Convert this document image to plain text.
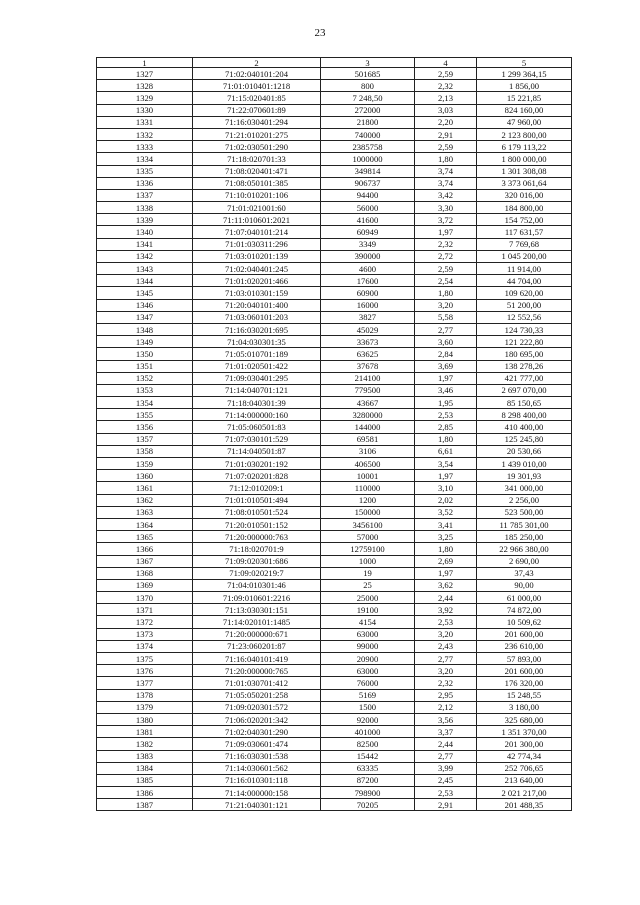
23
1	2	3	4	5
1327	71:02:040101:204	501685	2,59	1 299 364,15
1328	71:01:010401:1218	800	2,32	1 856,00
1329	71:15:020401:85	7 248,50	2,13	15 221,85
1330	71:22:070601:89	272000	3,03	824 160,00
1331	71:16:030401:294	21800	2,20	47 960,00
1332	71:21:010201:275	740000	2,91	2 123 800,00
1333	71:02:030501:290	2385758	2,59	6 179 113,22
1334	71:18:020701:33	1000000	1,80	1 800 000,00
1335	71:08:020401:471	349814	3,74	1 301 308,08
1336	71:08:050101:385	906737	3,74	3 373 061,64
1337	71:10:010201:106	94400	3,42	320 016,00
1338	71:01:021001:60	56000	3,30	184 800,00
1339	71:11:010601:2021	41600	3,72	154 752,00
1340	71:07:040101:214	60949	1,97	117 631,57
1341	71:01:030311:296	3349	2,32	7 769,68
1342	71:03:010201:139	390000	2,72	1 045 200,00
1343	71:02:040401:245	4600	2,59	11 914,00
1344	71:01:020201:466	17600	2,54	44 704,00
1345	71:03:010301:159	60900	1,80	109 620,00
1346	71:20:040101:400	16000	3,20	51 200,00
1347	71:03:060101:203	3827	5,58	12 552,56
1348	71:16:030201:695	45029	2,77	124 730,33
1349	71:04:030301:35	33673	3,60	121 222,80
1350	71:05:010701:189	63625	2,84	180 695,00
1351	71:01:020501:422	37678	3,69	138 278,26
1352	71:09:030401:295	214100	1,97	421 777,00
1353	71:14:040701:121	779500	3,46	2 697 070,00
1354	71:18:040301:39	43667	1,95	85 150,65
1355	71:14:000000:160	3280000	2,53	8 298 400,00
1356	71:05:060501:83	144000	2,85	410 400,00
1357	71:07:030101:529	69581	1,80	125 245,80
1358	71:14:040501:87	3106	6,61	20 530,66
1359	71:01:030201:192	406500	3,54	1 439 010,00
1360	71:07:020201:828	10001	1,97	19 301,93
1361	71:12:010209:1	110000	3,10	341 000,00
1362	71:01:010501:494	1200	2,02	2 256,00
1363	71:08:010501:524	150000	3,52	523 500,00
1364	71:20:010501:152	3456100	3,41	11 785 301,00
1365	71:20:000000:763	57000	3,25	185 250,00
1366	71:18:020701:9	12759100	1,80	22 966 380,00
1367	71:09:020301:686	1000	2,69	2 690,00
1368	71:09:020219:7	19	1,97	37,43
1369	71:04:010301:46	25	3,62	90,00
1370	71:09:010601:2216	25000	2,44	61 000,00
1371	71:13:030301:151	19100	3,92	74 872,00
1372	71:14:020101:1485	4154	2,53	10 509,62
1373	71:20:000000:671	63000	3,20	201 600,00
1374	71:23:060201:87	99000	2,43	236 610,00
1375	71:16:040101:419	20900	2,77	57 893,00
1376	71:20:000000:765	63000	3,20	201 600,00
1377	71:01:030701:412	76000	2,32	176 320,00
1378	71:05:050201:258	5169	2,95	15 248,55
1379	71:09:020301:572	1500	2,12	3 180,00
1380	71:06:020201:342	92000	3,56	325 680,00
1381	71:02:040301:290	401000	3,37	1 351 370,00
1382	71:09:030601:474	82500	2,44	201 300,00
1383	71:16:030301:538	15442	2,77	42 774,34
1384	71:14:030601:562	63335	3,99	252 706,65
1385	71:16:010301:118	87200	2,45	213 640,00
1386	71:14:000000:158	798900	2,53	2 021 217,00
1387	71:21:040301:121	70205	2,91	201 488,35
